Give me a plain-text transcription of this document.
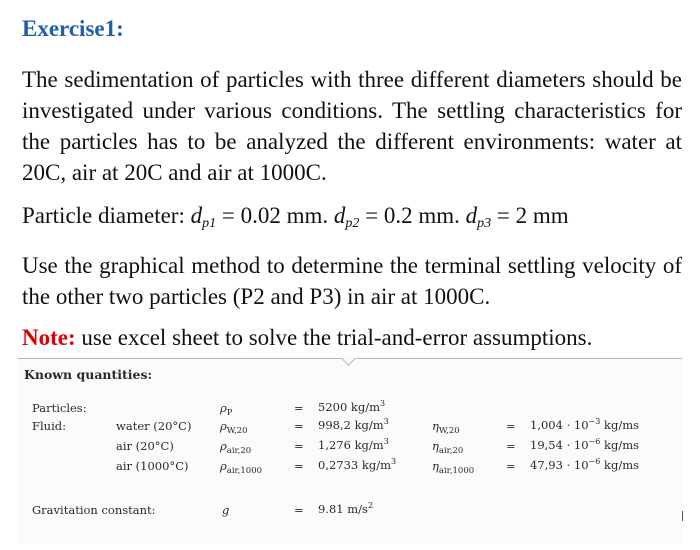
Exercise1:
The sedimentation of particles with three different diameters should be investigated under various conditions. The settling characteristics for the particles has to be analyzed the different environments: water at 20C, air at 20C and air at 1000C.
Particle diameter: $d_{p1} = 0.02$ mm. $d_{p2} = 0.2$ mm. $d_{p3} = 2$ mm
Use the graphical method to determine the terminal settling velocity of the other two particles (P2 and P3) in air at 1000C.
Note: use excel sheet to solve the trial-and-error assumptions.
Known quantities:
Particles:	$\rho_P$	= 5200 $kg/m^3$
Fluid:	water (20°C) $\rho_{W,20}$	= 998,2 $kg/m^3$	$\eta_{W,20}$	= $1,004 \cdot 10^{-3}$ kg/ms
air (20°C)	$\rho_{air,20}$	= 1,276 $kg/m^3$	$\eta_{air,20}$	= $19,54 \cdot 10^{-6}$ kg/ms
air (1000°C)	$\rho_{air,1000}$	= 0,2733 $kg/m^3$	$\eta_{air,1000}$	= $47,93 \cdot 10^{-6}$ kg/ms
Gravitation constant:	g	= 9.81 $m/s^2$
